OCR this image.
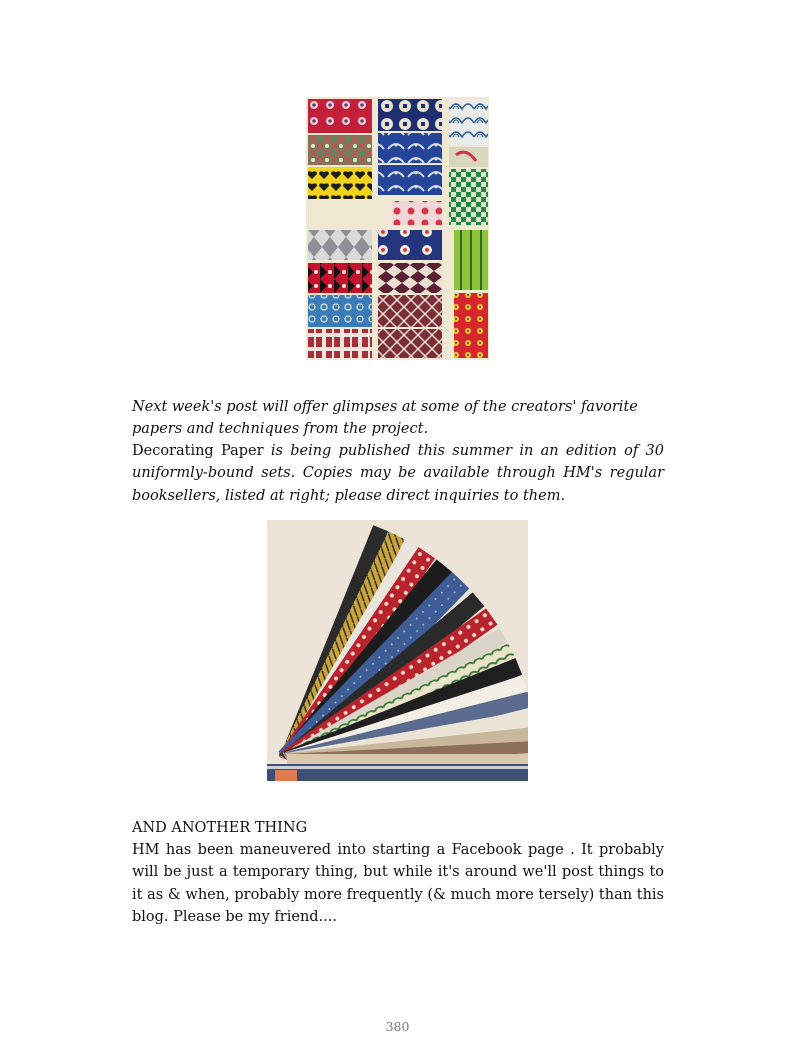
Next week's post will offer glimpses at some of the creators' favorite papers and techniques from the project.

Decorating Paper is being published this summer in an edition of 30 uniformly-bound sets. Copies may be available through HM's regular booksellers, listed at right; please direct inquiries to them.

AND ANOTHER THING

HM has been maneuvered into starting a Facebook page . It probably will be just a temporary thing, but while it's around we'll post things to it as & when, probably more frequently (& much more tersely) than this blog. Please be my friend....

380
